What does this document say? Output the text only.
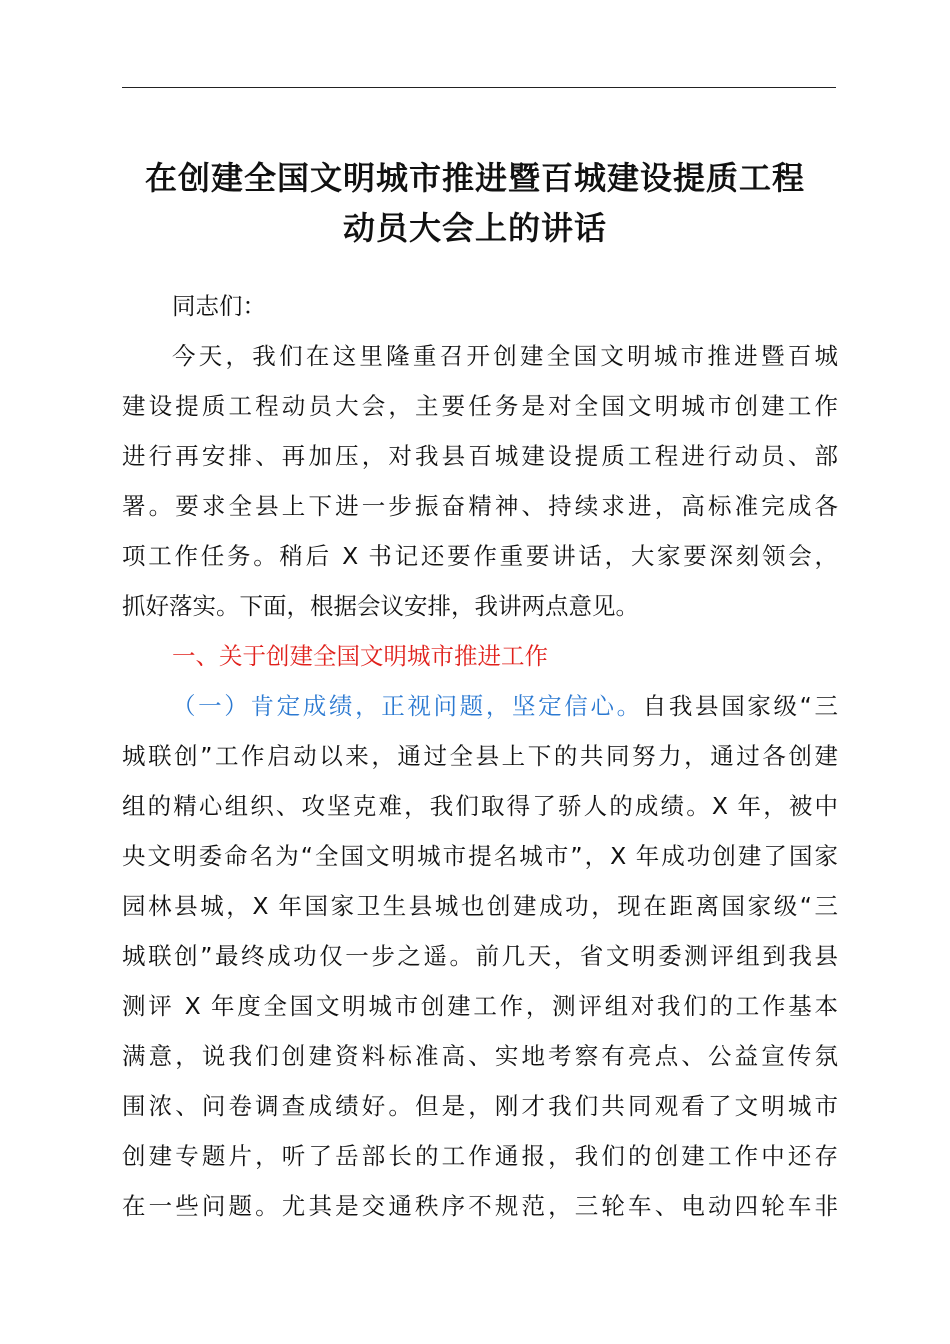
在创建全国文明城市推进暨百城建设提质工程
动员大会上的讲话
同志们：
今天，我们在这里隆重召开创建全国文明城市推进暨百城
建设提质工程动员大会，主要任务是对全国文明城市创建工作
进行再安排、再加压，对我县百城建设提质工程进行动员、部
署。要求全县上下进一步振奋精神、持续求进，高标准完成各
项工作任务。稍后 X 书记还要作重要讲话，大家要深刻领会，
抓好落实。下面，根据会议安排，我讲两点意见。
一、关于创建全国文明城市推进工作
（一）肯定成绩，正视问题，坚定信心。自我县国家级“三
城联创”工作启动以来，通过全县上下的共同努力，通过各创建
组的精心组织、攻坚克难，我们取得了骄人的成绩。X 年，被中
央文明委命名为“全国文明城市提名城市”，X 年成功创建了国家
园林县城，X 年国家卫生县城也创建成功，现在距离国家级“三
城联创”最终成功仅一步之遥。前几天，省文明委测评组到我县
测评 X 年度全国文明城市创建工作，测评组对我们的工作基本
满意，说我们创建资料标准高、实地考察有亮点、公益宣传氛
围浓、问卷调查成绩好。但是，刚才我们共同观看了文明城市
创建专题片，听了岳部长的工作通报，我们的创建工作中还存
在一些问题。尤其是交通秩序不规范，三轮车、电动四轮车非
